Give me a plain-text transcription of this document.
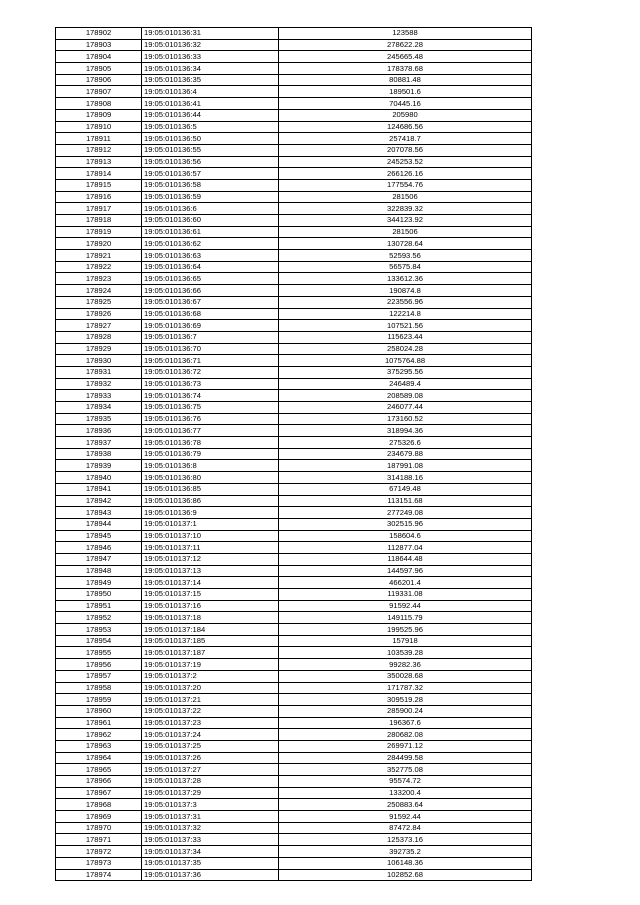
178902	19:05:010136:31	123588
178903	19:05:010136:32	278622.28
178904	19:05:010136:33	245665.48
178905	19:05:010136:34	178378.68
178906	19:05:010136:35	80881.48
178907	19:05:010136:4	189501.6
178908	19:05:010136:41	70445.16
178909	19:05:010136:44	205980
178910	19:05:010136:5	124686.56
178911	19:05:010136:50	257418.7
178912	19:05:010136:55	207078.56
178913	19:05:010136:56	245253.52
178914	19:05:010136:57	266126.16
178915	19:05:010136:58	177554.76
178916	19:05:010136:59	281506
178917	19:05:010136:6	322839.32
178918	19:05:010136:60	344123.92
178919	19:05:010136:61	281506
178920	19:05:010136:62	130728.64
178921	19:05:010136:63	52593.56
178922	19:05:010136:64	56575.84
178923	19:05:010136:65	133612.36
178924	19:05:010136:66	190874.8
178925	19:05:010136:67	223556.96
178926	19:05:010136:68	122214.8
178927	19:05:010136:69	107521.56
178928	19:05:010136:7	115623.44
178929	19:05:010136:70	258024.28
178930	19:05:010136:71	1075764.88
178931	19:05:010136:72	375295.56
178932	19:05:010136:73	246489.4
178933	19:05:010136:74	208589.08
178934	19:05:010136:75	246077.44
178935	19:05:010136:76	173160.52
178936	19:05:010136:77	318994.36
178937	19:05:010136:78	275326.6
178938	19:05:010136:79	234679.88
178939	19:05:010136:8	187991.08
178940	19:05:010136:80	314188.16
178941	19:05:010136:85	67149.48
178942	19:05:010136:86	113151.68
178943	19:05:010136:9	277249.08
178944	19:05:010137:1	302515.96
178945	19:05:010137:10	158604.6
178946	19:05:010137:11	112877.04
178947	19:05:010137:12	118644.48
178948	19:05:010137:13	144597.96
178949	19:05:010137:14	466201.4
178950	19:05:010137:15	119331.08
178951	19:05:010137:16	91592.44
178952	19:05:010137:18	149115.79
178953	19:05:010137:184	199525.96
178954	19:05:010137:185	157918
178955	19:05:010137:187	103539.28
178956	19:05:010137:19	99282.36
178957	19:05:010137:2	350028.68
178958	19:05:010137:20	171787.32
178959	19:05:010137:21	309519.28
178960	19:05:010137:22	285900.24
178961	19:05:010137:23	196367.6
178962	19:05:010137:24	280682.08
178963	19:05:010137:25	269971.12
178964	19:05:010137:26	284499.58
178965	19:05:010137:27	352775.08
178966	19:05:010137:28	95574.72
178967	19:05:010137:29	133200.4
178968	19:05:010137:3	250883.64
178969	19:05:010137:31	91592.44
178970	19:05:010137:32	87472.84
178971	19:05:010137:33	125373.16
178972	19:05:010137:34	392735.2
178973	19:05:010137:35	106148.36
178974	19:05:010137:36	102852.68
